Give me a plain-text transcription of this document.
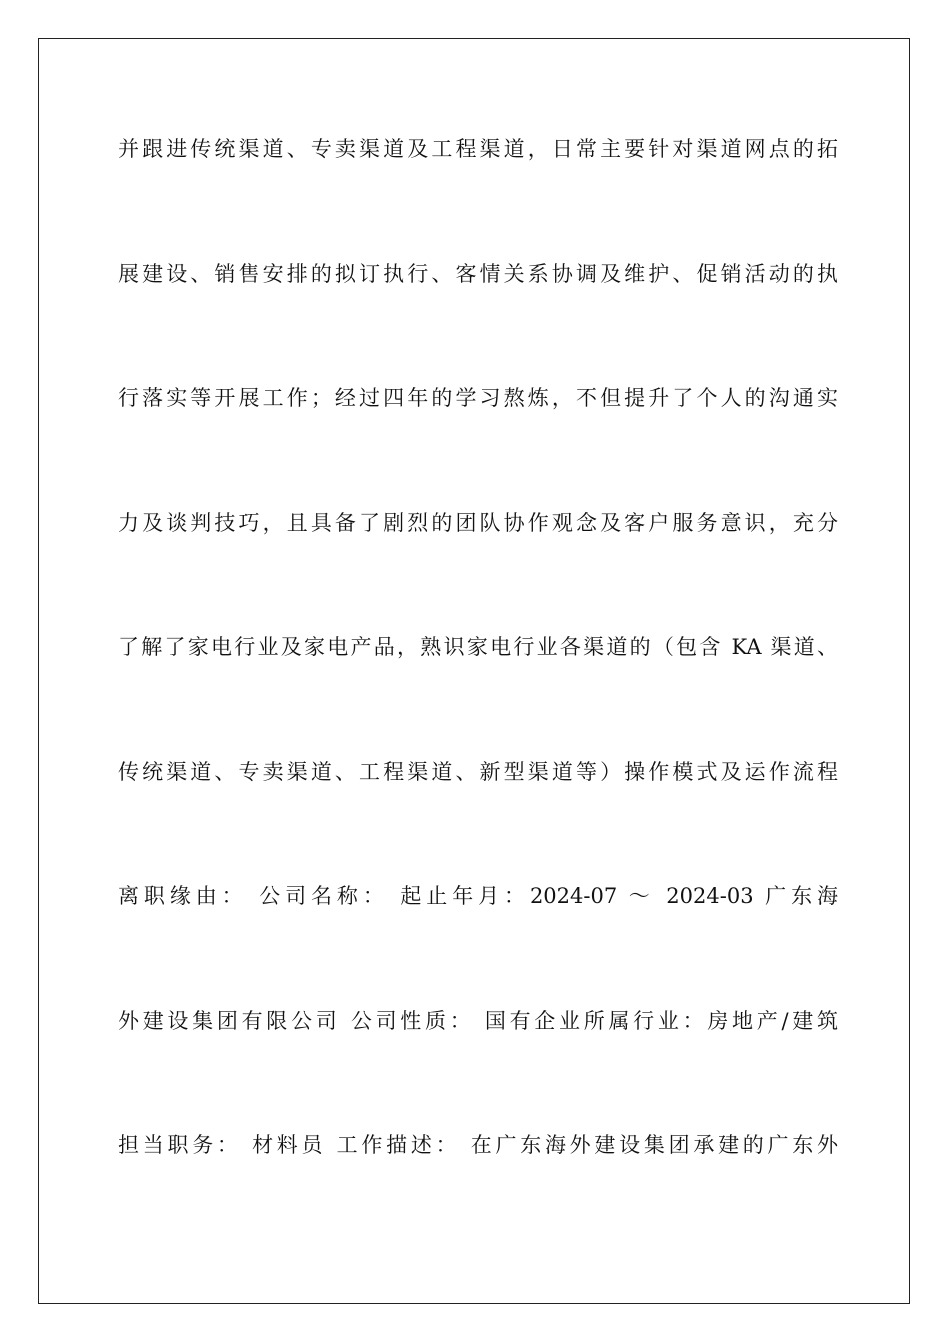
并跟进传统渠道、专卖渠道及工程渠道，日常主要针对渠道网点的拓
展建设、销售安排的拟订执行、客情关系协调及维护、促销活动的执
行落实等开展工作；经过四年的学习熬炼，不但提升了个人的沟通实
力及谈判技巧，且具备了剧烈的团队协作观念及客户服务意识，充分
了解了家电行业及家电产品，熟识家电行业各渠道的（包含 KA 渠道、
传统渠道、专卖渠道、工程渠道、新型渠道等）操作模式及运作流程
离职缘由： 公司名称： 起止年月：2024-07 ～ 2024-03 广东海
外建设集团有限公司 公司性质： 国有企业所属行业：房地产/建筑
担当职务： 材料员 工作描述： 在广东海外建设集团承建的广东外
